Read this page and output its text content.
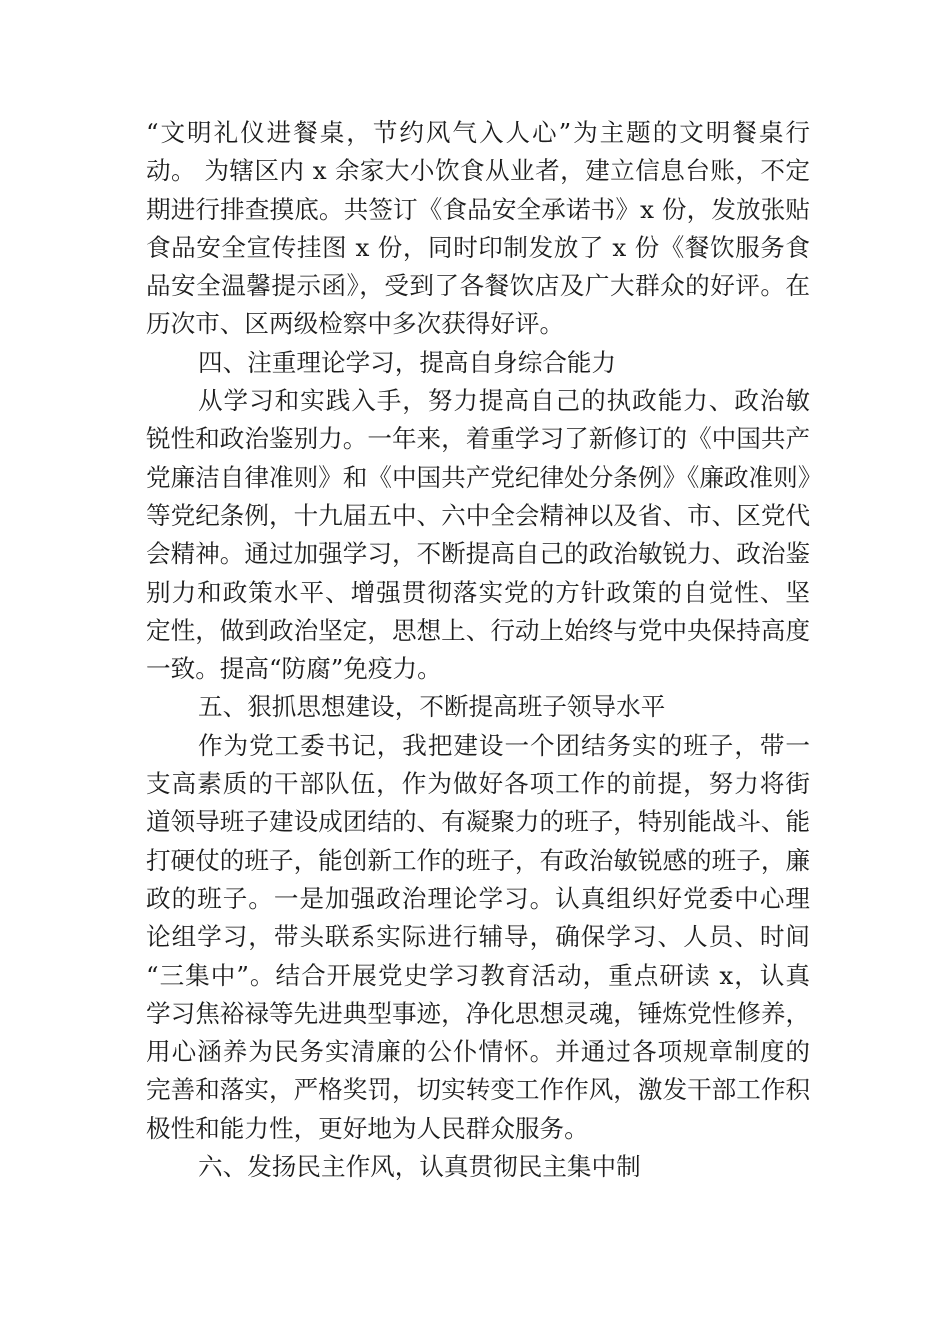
“文明礼仪进餐桌，节约风气入人心”为主题的文明餐桌行
动。 为辖区内 x 余家大小饮食从业者，建立信息台账，不定
期进行排查摸底。共签订《食品安全承诺书》x 份，发放张贴
食品安全宣传挂图 x 份，同时印制发放了 x 份《餐饮服务食
品安全温馨提示函》，受到了各餐饮店及广大群众的好评。在
历次市、区两级检察中多次获得好评。
四、注重理论学习，提高自身综合能力
从学习和实践入手，努力提高自己的执政能力、政治敏
锐性和政治鉴别力。一年来，着重学习了新修订的《中国共产
党廉洁自律准则》和《中国共产党纪律处分条例》《廉政准则》
等党纪条例，十九届五中、六中全会精神以及省、市、区党代
会精神。通过加强学习，不断提高自己的政治敏锐力、政治鉴
别力和政策水平、增强贯彻落实党的方针政策的自觉性、坚
定性，做到政治坚定，思想上、行动上始终与党中央保持高度
一致。提高“防腐”免疫力。
五、狠抓思想建设，不断提高班子领导水平
作为党工委书记，我把建设一个团结务实的班子，带一
支高素质的干部队伍，作为做好各项工作的前提，努力将街
道领导班子建设成团结的、有凝聚力的班子，特别能战斗、能
打硬仗的班子，能创新工作的班子，有政治敏锐感的班子，廉
政的班子。一是加强政治理论学习。认真组织好党委中心理
论组学习，带头联系实际进行辅导，确保学习、人员、时间
“三集中”。结合开展党史学习教育活动，重点研读 x，认真
学习焦裕禄等先进典型事迹，净化思想灵魂，锤炼党性修养，
用心涵养为民务实清廉的公仆情怀。并通过各项规章制度的
完善和落实，严格奖罚，切实转变工作作风，激发干部工作积
极性和能力性，更好地为人民群众服务。
六、发扬民主作风，认真贯彻民主集中制
